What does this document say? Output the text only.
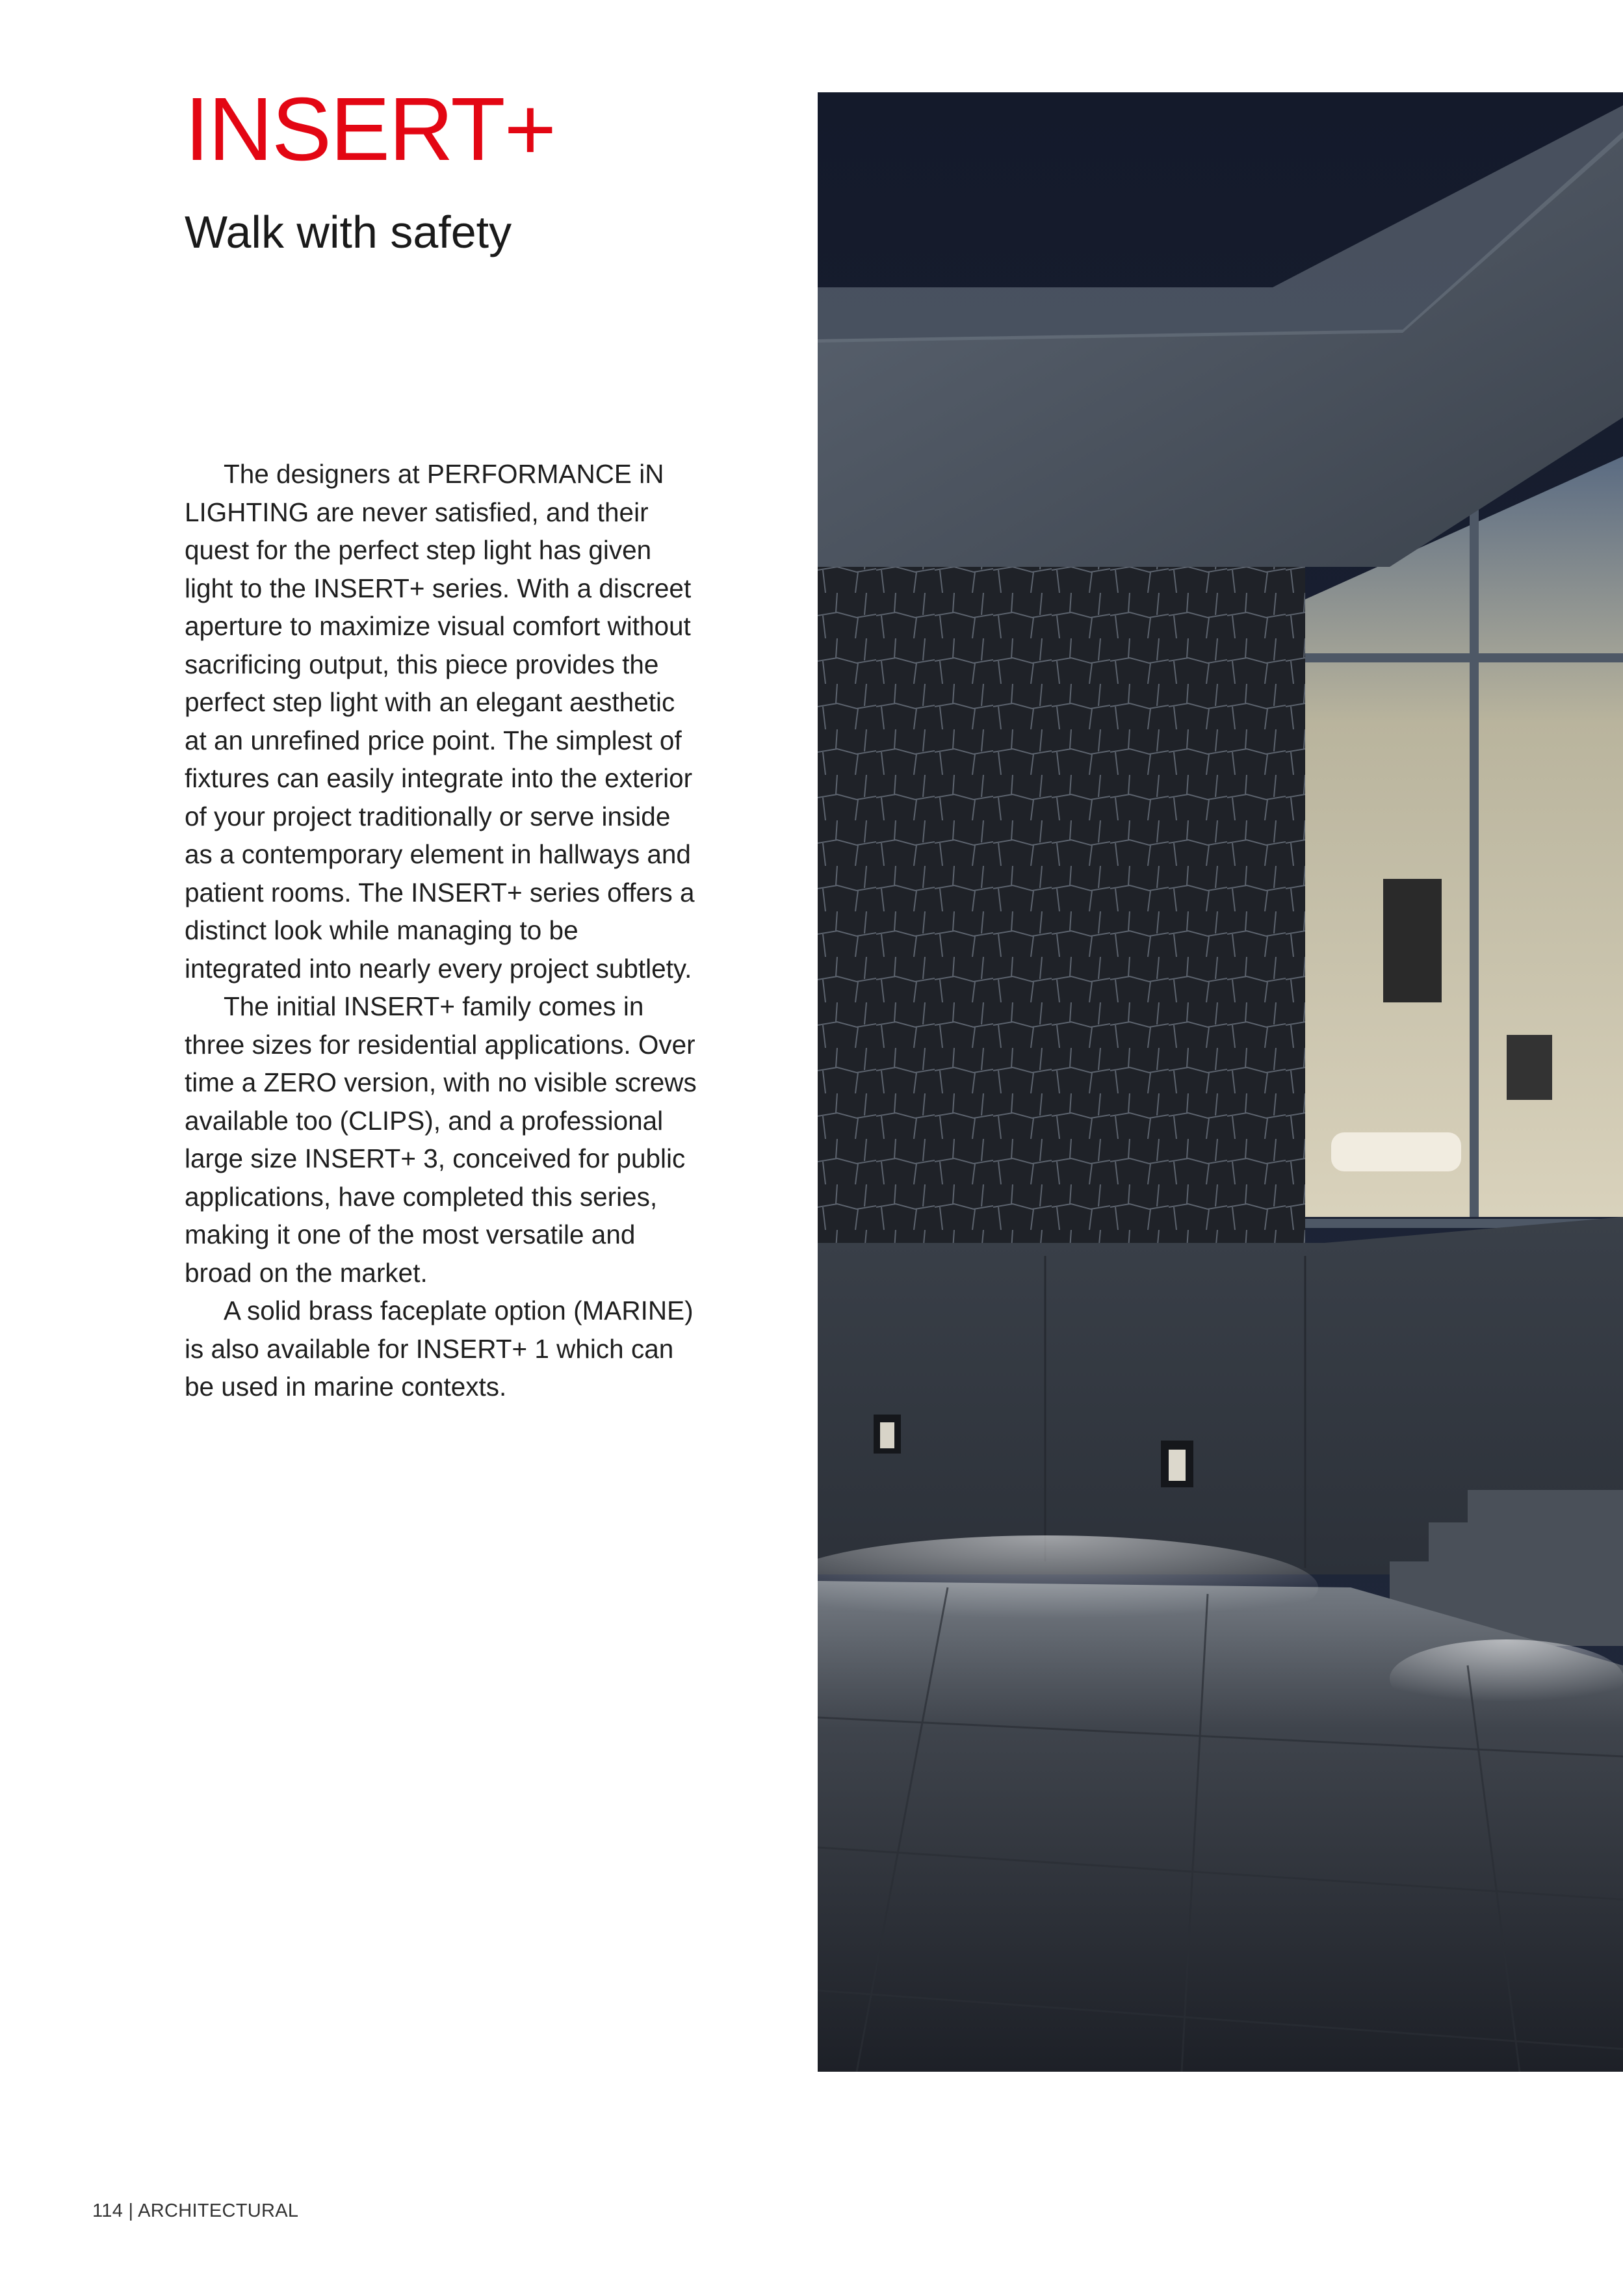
INSERT+
Walk with safety

The designers at PERFORMANCE iN LIGHTING are never satisfied, and their quest for the perfect step light has given light to the INSERT+ series. With a discreet aperture to maximize visual comfort without sacrificing output, this piece provides the perfect step light with an elegant aesthetic at an unrefined price point. The simplest of fixtures can easily integrate into the exterior of your project traditionally or serve inside as a contemporary element in hallways and patient rooms. The INSERT+ series offers a distinct look while managing to be integrated into nearly every project subtlety.

The initial INSERT+ family comes in three sizes for residential applications. Over time a ZERO version, with no visible screws available too (CLIPS), and a professional large size INSERT+ 3, conceived for public applications, have completed this series, making it one of the most versatile and broad on the market.

A solid brass faceplate option (MARINE) is also available for INSERT+ 1 which can be used in marine contexts.

114 | ARCHITECTURAL
